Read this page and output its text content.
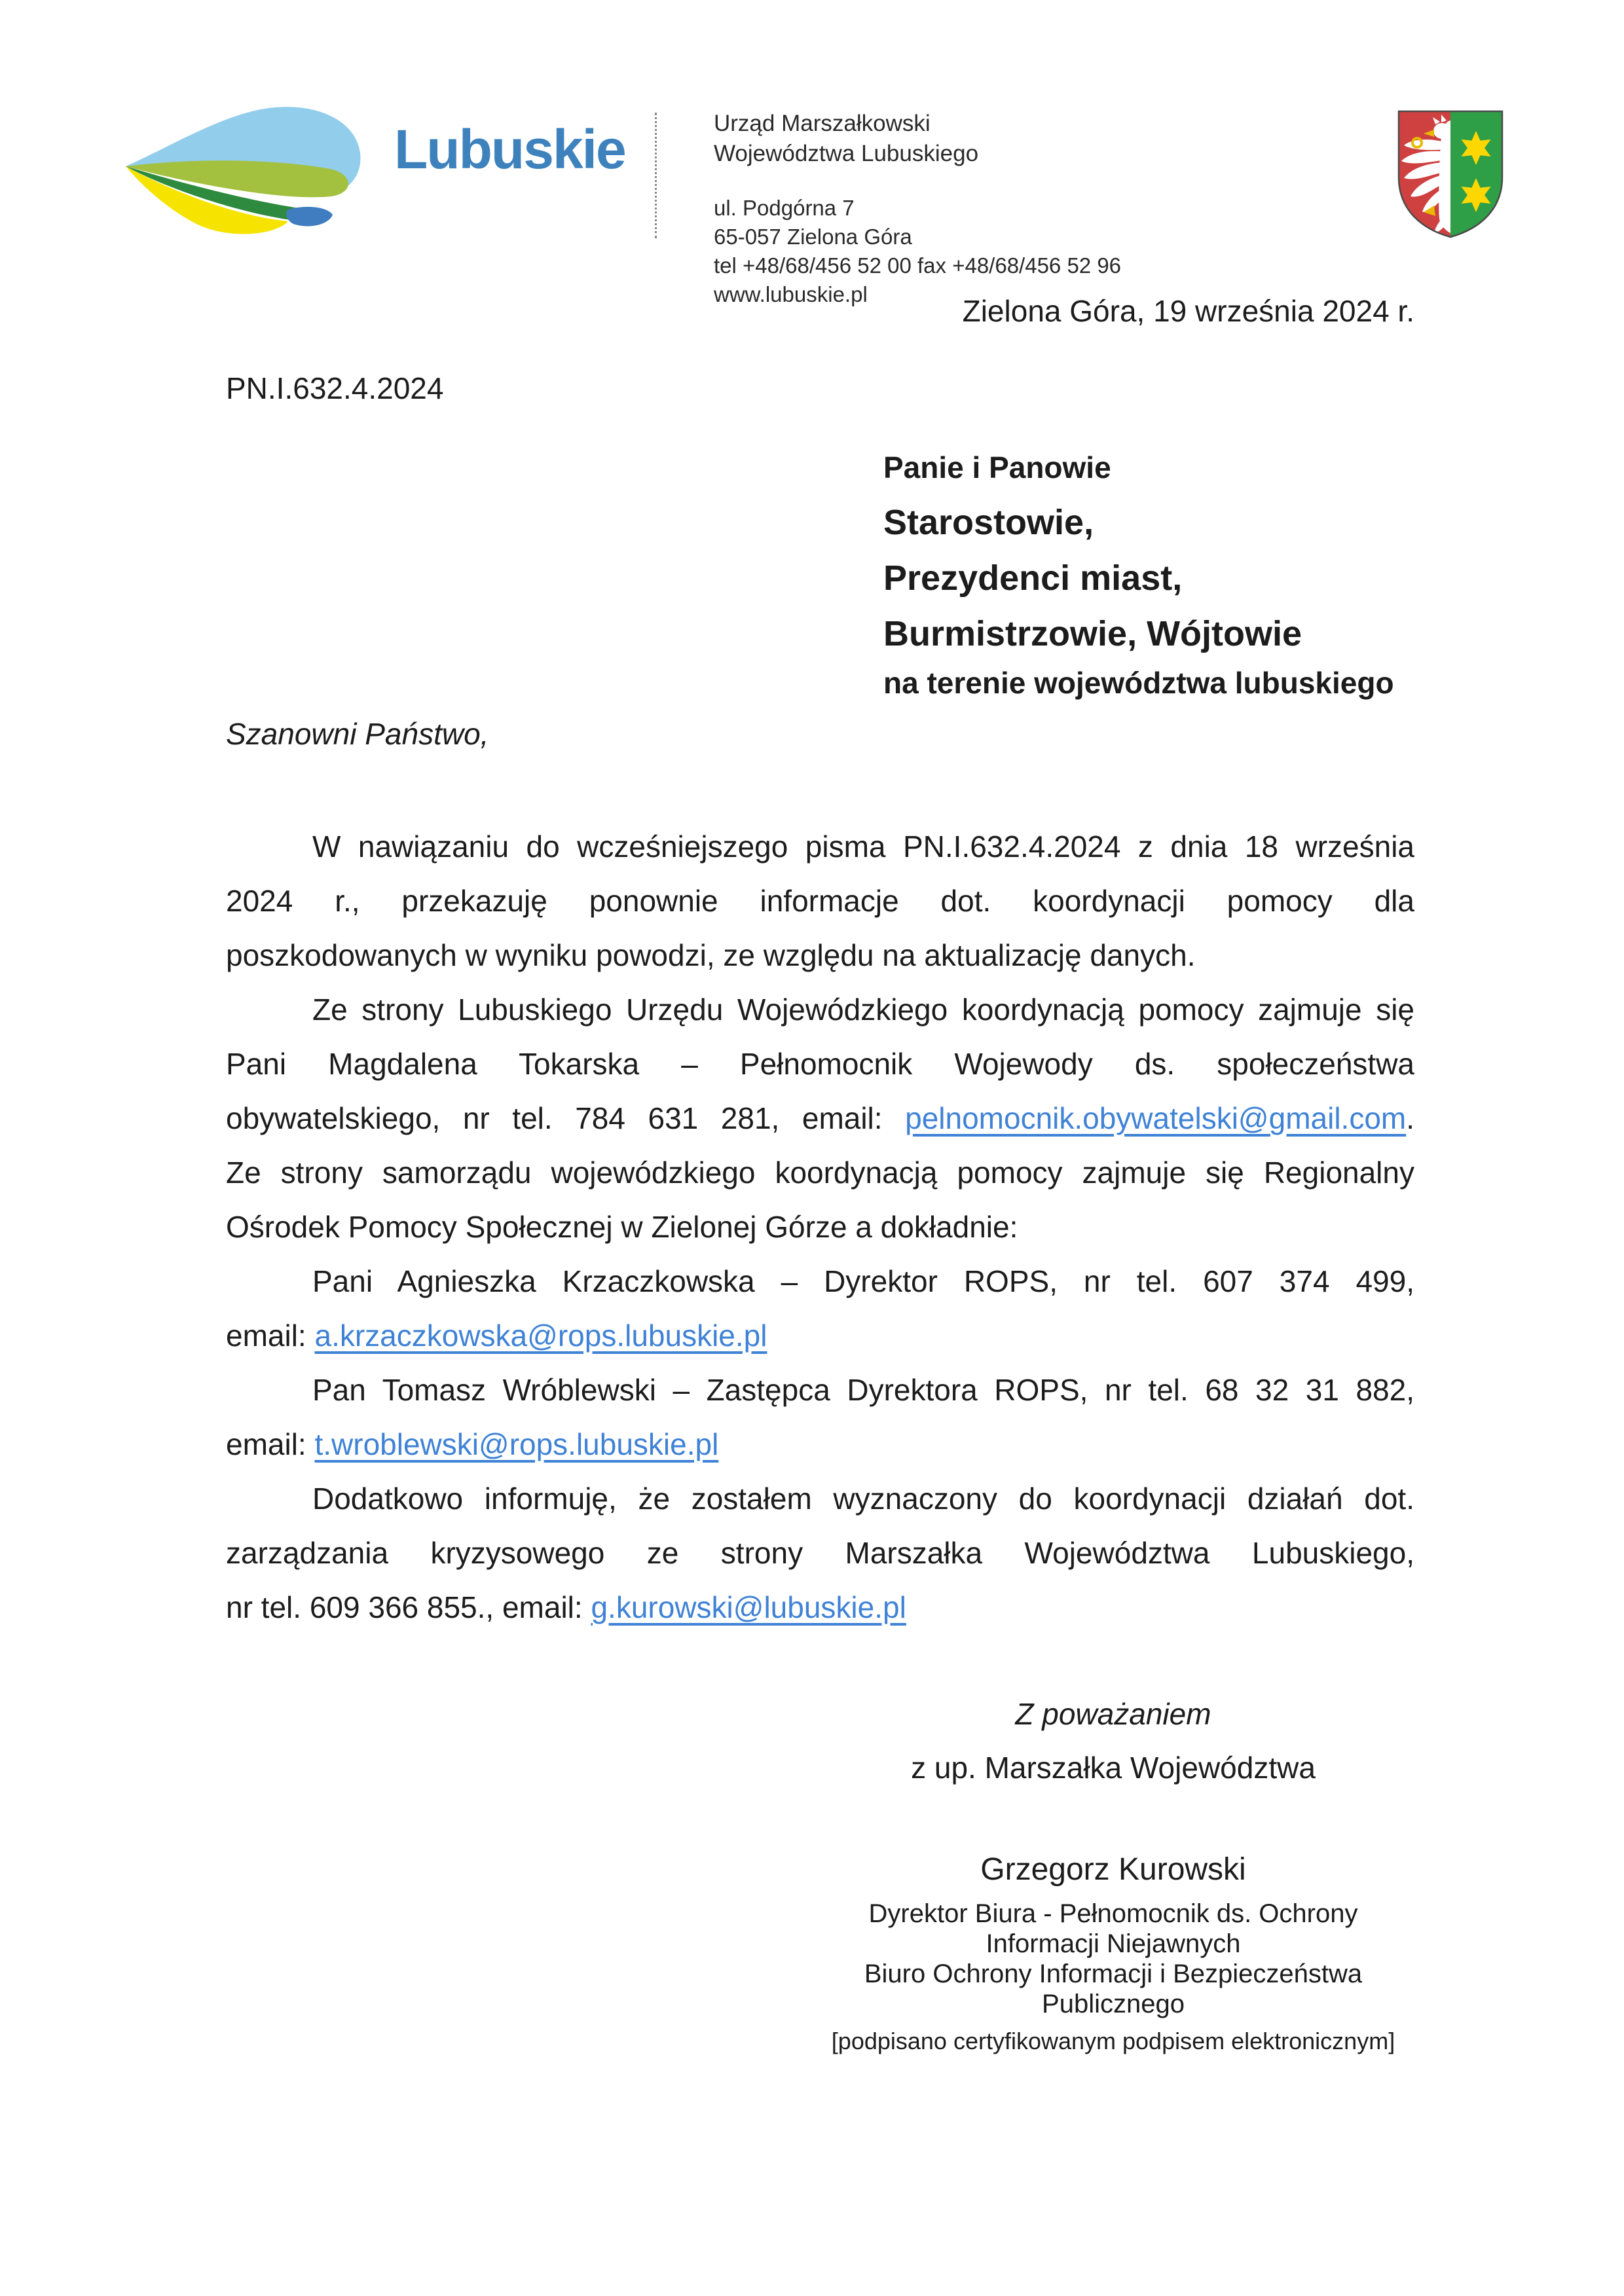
Lubuskie	Urząd Marszałkowski
Województwa Lubuskiego
ul. Podgórna 7
65-057 Zielona Góra
tel +48/68/456 52 00 fax +48/68/456 52 96
www.lubuskie.pl	Zielona Góra, 19 września 2024 r.
PN.I.632.4.2024
Panie i Panowie
Starostowie,
Prezydenci miast,
Burmistrzowie, Wójtowie
na terenie województwa lubuskiego
Szanowni Państwo,
W nawiązaniu do wcześniejszego pisma PN.I.632.4.2024 z dnia 18 września
2024 r., przekazuję ponownie informacje dot. koordynacji pomocy dla
poszkodowanych w wyniku powodzi, ze względu na aktualizację danych.
Ze strony Lubuskiego Urzędu Wojewódzkiego koordynacją pomocy zajmuje się
Pani Magdalena Tokarska – Pełnomocnik Wojewody ds. społeczeństwa
obywatelskiego, nr tel. 784 631 281, email: pelnomocnik.obywatelski@gmail.com.
Ze strony samorządu wojewódzkiego koordynacją pomocy zajmuje się Regionalny
Ośrodek Pomocy Społecznej w Zielonej Górze a dokładnie:
Pani Agnieszka Krzaczkowska – Dyrektor ROPS, nr tel. 607 374 499,
email: a.krzaczkowska@rops.lubuskie.pl
Pan Tomasz Wróblewski – Zastępca Dyrektora ROPS, nr tel. 68 32 31 882,
email: t.wroblewski@rops.lubuskie.pl
Dodatkowo informuję, że zostałem wyznaczony do koordynacji działań dot.
zarządzania kryzysowego ze strony Marszałka Województwa Lubuskiego,
nr tel. 609 366 855., email: g.kurowski@lubuskie.pl
Z poważaniem
z up. Marszałka Województwa
Grzegorz Kurowski
Dyrektor Biura - Pełnomocnik ds. Ochrony
Informacji Niejawnych
Biuro Ochrony Informacji i Bezpieczeństwa
Publicznego
[podpisano certyfikowanym podpisem elektronicznym]
